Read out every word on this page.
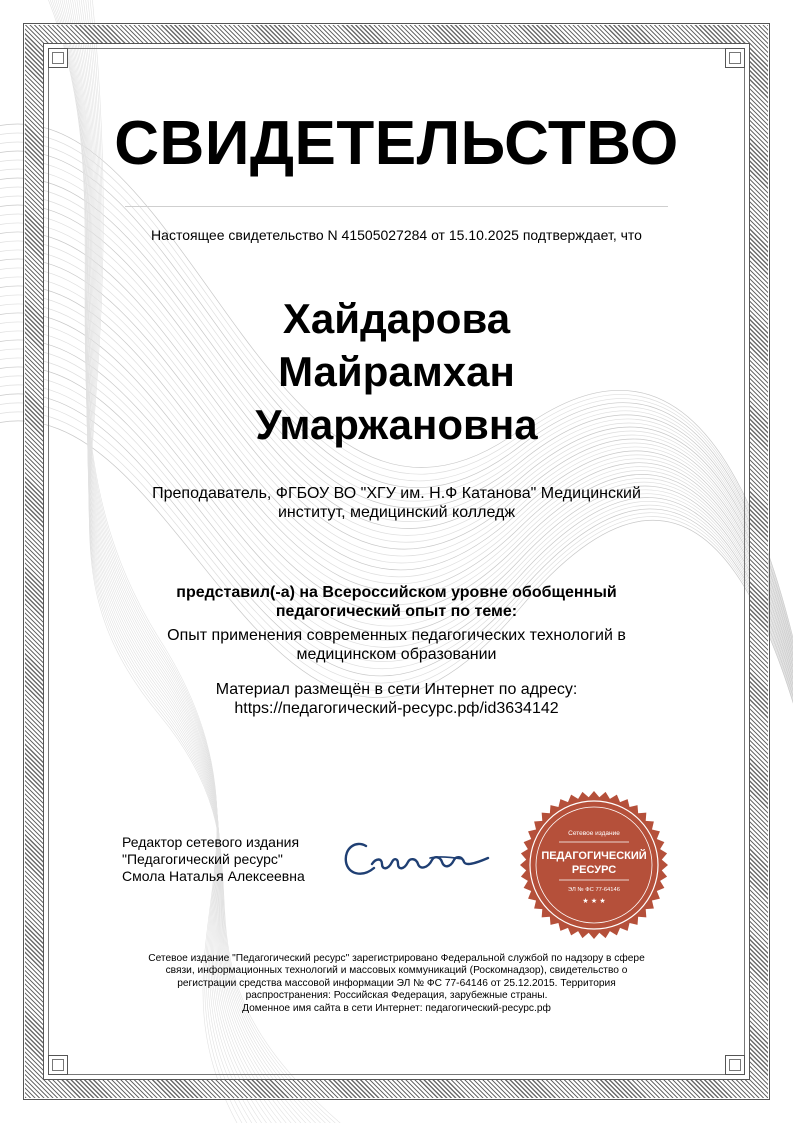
СВИДЕТЕЛЬСТВО
Настоящее свидетельство N 41505027284 от 15.10.2025 подтверждает, что
Хайдарова
Майрамхан
Умаржановна
Преподаватель, ФГБОУ ВО "ХГУ им. Н.Ф Катанова" Медицинский
институт, медицинский колледж
представил(-а) на Всероссийском уровне обобщенный
педагогический опыт по теме:
Опыт применения современных педагогических технологий в
медицинском образовании
Материал размещён в сети Интернет по адресу:
https://педагогический-ресурс.рф/id3634142
Редактор сетевого издания
"Педагогический ресурс"
Смола Наталья Алексеевна
Сетевое издание
ПЕДАГОГИЧЕСКИЙ
РЕСУРС
ЭЛ № ФС 77-64146
★ ★ ★
Сетевое издание "Педагогический ресурс" зарегистрировано Федеральной службой по надзору в сфере
связи, информационных технологий и массовых коммуникаций (Роскомнадзор), свидетельство о
регистрации средства массовой информации ЭЛ № ФС 77-64146 от 25.12.2015. Территория
распространения: Российская Федерация, зарубежные страны.
Доменное имя сайта в сети Интернет: педагогический-ресурс.рф
